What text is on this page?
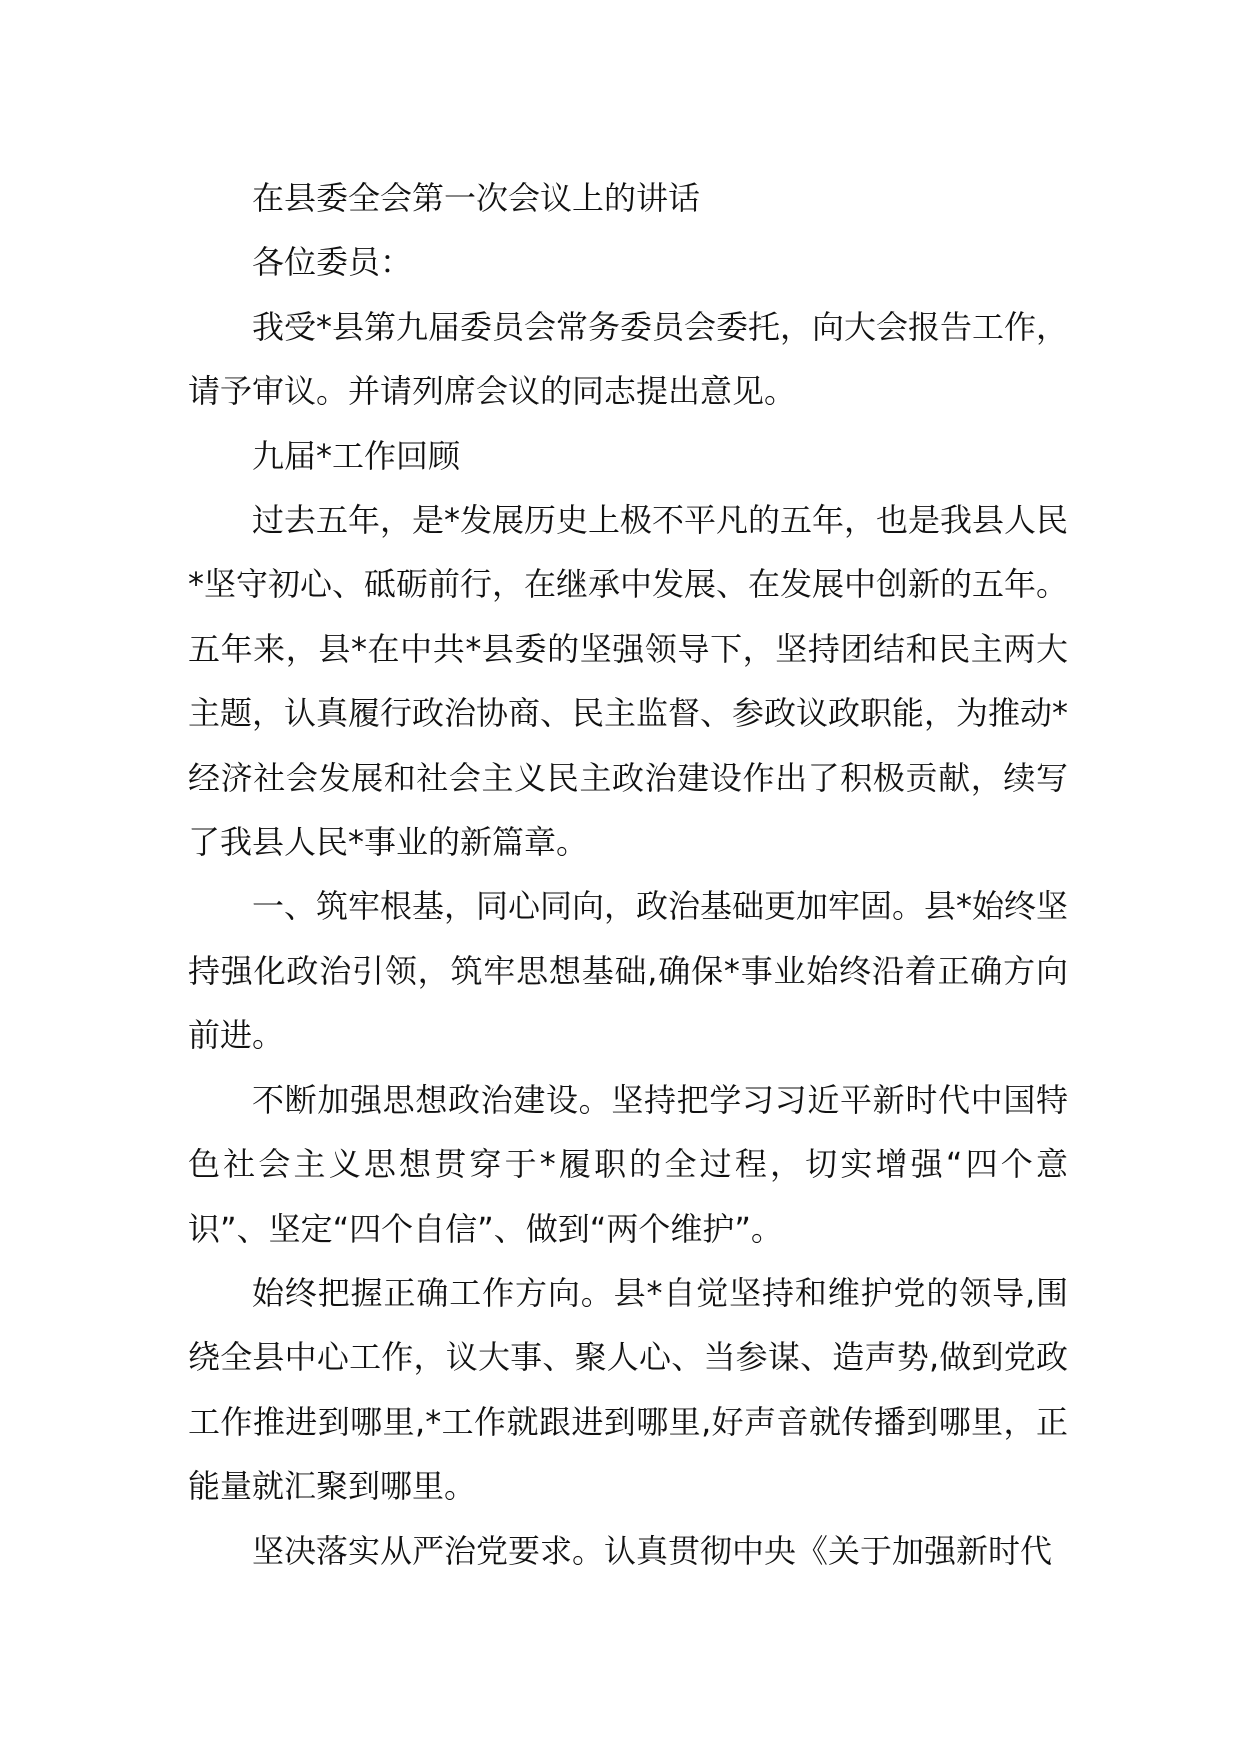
在县委全会第一次会议上的讲话

各位委员：

我受*县第九届委员会常务委员会委托，向大会报告工作，请予审议。并请列席会议的同志提出意见。

九届*工作回顾

过去五年，是*发展历史上极不平凡的五年，也是我县人民*坚守初心、砥砺前行，在继承中发展、在发展中创新的五年。五年来，县*在中共*县委的坚强领导下，坚持团结和民主两大主题，认真履行政治协商、民主监督、参政议政职能，为推动*经济社会发展和社会主义民主政治建设作出了积极贡献，续写了我县人民*事业的新篇章。

一、筑牢根基，同心同向，政治基础更加牢固。县*始终坚持强化政治引领，筑牢思想基础,确保*事业始终沿着正确方向前进。

不断加强思想政治建设。坚持把学习习近平新时代中国特色社会主义思想贯穿于*履职的全过程，切实增强“四个意识”、坚定“四个自信”、做到“两个维护”。

始终把握正确工作方向。县*自觉坚持和维护党的领导,围绕全县中心工作，议大事、聚人心、当参谋、造声势,做到党政工作推进到哪里,*工作就跟进到哪里,好声音就传播到哪里，正能量就汇聚到哪里。

坚决落实从严治党要求。认真贯彻中央《关于加强新时代
